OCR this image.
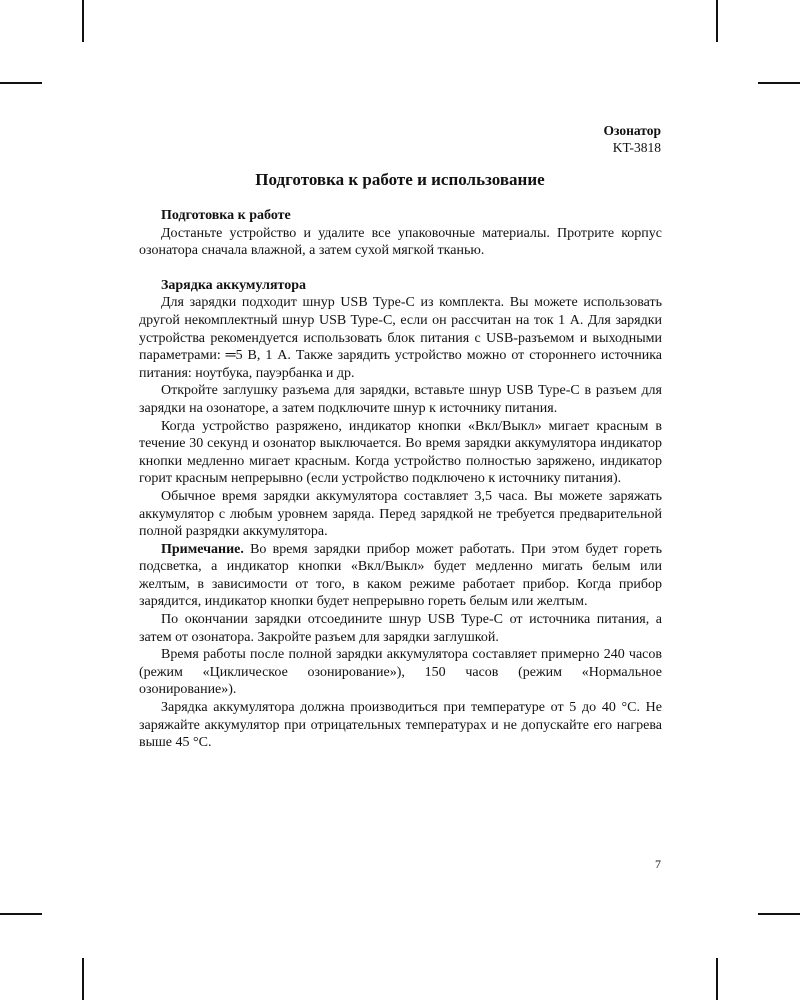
Озонатор
KT-3818
Подготовка к работе и использование

Подготовка к работе

Достаньте устройство и удалите все упаковочные материалы. Протрите корпус озонатора сначала влажной, а затем сухой мягкой тканью.

Зарядка аккумулятора

Для зарядки подходит шнур USB Type-C из комплекта. Вы можете использовать другой некомплектный шнур USB Type-C, если он рассчитан на ток 1 А. Для зарядки устройства рекомендуется использовать блок питания с USB-разъемом и выходными параметрами: ═5 В, 1 А. Также зарядить устройство можно от стороннего источника питания: ноутбука, пауэрбанка и др.

Откройте заглушку разъема для зарядки, вставьте шнур USB Type-C в разъем для зарядки на озонаторе, а затем подключите шнур к источнику питания.

Когда устройство разряжено, индикатор кнопки «Вкл/Выкл» мигает красным в течение 30 секунд и озонатор выключается. Во время зарядки аккумулятора индикатор кнопки медленно мигает красным. Когда устройство полностью заряжено, индикатор горит красным непрерывно (если устройство подключено к источнику питания).

Обычное время зарядки аккумулятора составляет 3,5 часа. Вы можете заряжать аккумулятор с любым уровнем заряда. Перед зарядкой не требуется предварительной полной разрядки аккумулятора.

Примечание. Во время зарядки прибор может работать. При этом будет гореть подсветка, а индикатор кнопки «Вкл/Выкл» будет медленно мигать белым или желтым, в зависимости от того, в каком режиме работает прибор. Когда прибор зарядится, индикатор кнопки будет непрерывно гореть белым или желтым.

По окончании зарядки отсоедините шнур USB Type-C от источника питания, а затем от озонатора. Закройте разъем для зарядки заглушкой.

Время работы после полной зарядки аккумулятора составляет примерно 240 часов (режим «Циклическое озонирование»), 150 часов (режим «Нормальное озонирование»).

Зарядка аккумулятора должна производиться при температуре от 5 до 40 °С. Не заряжайте аккумулятор при отрицательных температурах и не допускайте его нагрева выше 45 °С.

7
